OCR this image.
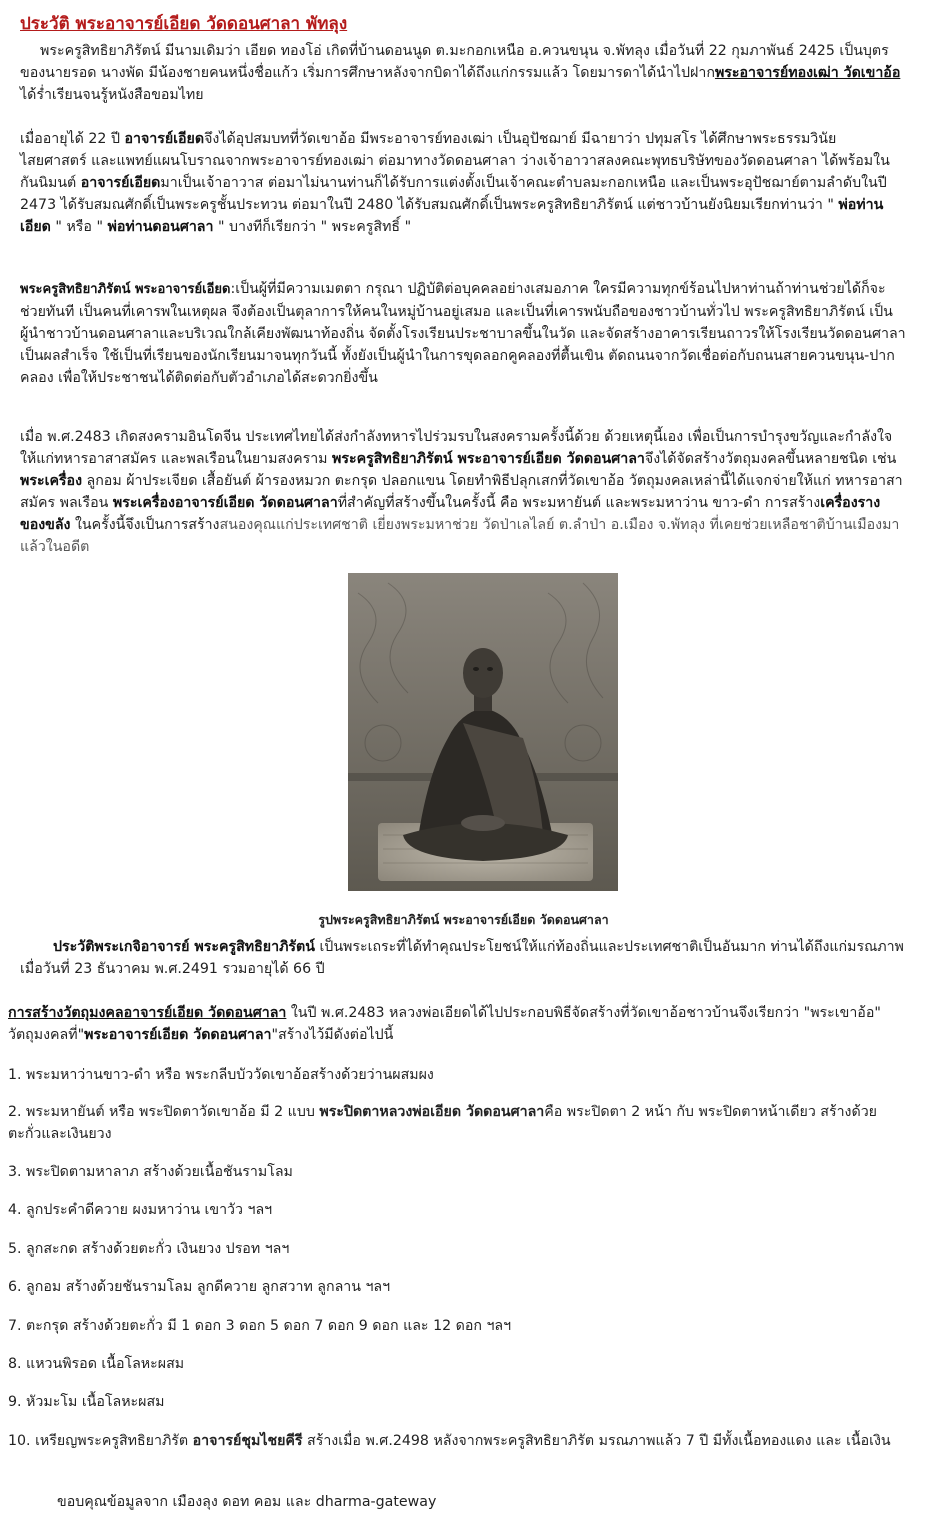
ประวัติ พระอาจารย์เอียด วัดดอนศาลา พัทลุง

พระครูสิทธิยาภิรัตน์ มีนามเดิมว่า เอียด ทองโอ่ เกิดที่บ้านดอนนูด ต.มะกอกเหนือ อ.ควนขนุน จ.พัทลุง เมื่อวันที่ 22 กุมภาพันธ์ 2425 เป็นบุตรของนายรอด นางพัด มีน้องชายคนหนึ่งชื่อแก้ว เริ่มการศึกษาหลังจากบิดาได้ถึงแก่กรรมแล้ว โดยมารดาได้นำไปฝากพระอาจารย์ทองเฒ่า วัดเขาอ้อ ได้ร่ำเรียนจนรู้หนังสือขอมไทย

เมื่ออายุได้ 22 ปี อาจารย์เอียดจึงได้อุปสมบทที่วัดเขาอ้อ มีพระอาจารย์ทองเฒ่า เป็นอุปัชฌาย์ มีฉายาว่า ปทุมสโร ได้ศึกษาพระธรรมวินัย ไสยศาสตร์ และแพทย์แผนโบราณจากพระอาจารย์ทองเฒ่า ต่อมาทางวัดดอนศาลา ว่างเจ้าอาวาสลงคณะพุทธบริษัทของวัดดอนศาลา ได้พร้อมในกันนิมนต์ อาจารย์เอียดมาเป็นเจ้าอาวาส ต่อมาไม่นานท่านก็ได้รับการแต่งตั้งเป็นเจ้าคณะตำบลมะกอกเหนือ และเป็นพระอุปัชฌาย์ตามลำดับในปี 2473 ได้รับสมณศักดิ์เป็นพระครูชั้นประทวน ต่อมาในปี 2480 ได้รับสมณศักดิ์เป็นพระครูสิทธิยาภิรัตน์ แต่ชาวบ้านยังนิยมเรียกท่านว่า " พ่อท่านเอียด " หรือ " พ่อท่านดอนศาลา " บางทีก็เรียกว่า " พระครูสิทธิ์ "

พระครูสิทธิยาภิรัตน์ พระอาจารย์เอียด:เป็นผู้ที่มีความเมตตา กรุณา ปฏิบัติต่อบุคคลอย่างเสมอภาค ใครมีความทุกข์ร้อนไปหาท่านถ้าท่านช่วยได้ก็จะช่วยทันที เป็นคนที่เคารพในเหตุผล จึงต้องเป็นตุลาการให้คนในหมู่บ้านอยู่เสมอ และเป็นที่เคารพนับถือของชาวบ้านทั่วไป พระครูสิทธิยาภิรัตน์ เป็นผู้นำชาวบ้านดอนศาลาและบริเวณใกล้เคียงพัฒนาท้องถิ่น จัดตั้งโรงเรียนประชาบาลขึ้นในวัด และจัดสร้างอาคารเรียนถาวรให้โรงเรียนวัดดอนศาลาเป็นผลสำเร็จ ใช้เป็นที่เรียนของนักเรียนมาจนทุกวันนี้ ทั้งยังเป็นผู้นำในการขุดลอกคูคลองที่ตื้นเขิน ตัดถนนจากวัดเชื่อต่อกับถนนสายควนขนุน-ปากคลอง เพื่อให้ประชาชนได้ติดต่อกับตัวอำเภอได้สะดวกยิ่งขึ้น

เมื่อ พ.ศ.2483 เกิดสงครามอินโดจีน ประเทศไทยได้ส่งกำลังทหารไปร่วมรบในสงครามครั้งนี้ด้วย ด้วยเหตุนี้เอง เพื่อเป็นการบำรุงขวัญและกำลังใจให้แก่ทหารอาสาสมัคร และพลเรือนในยามสงคราม พระครูสิทธิยาภิรัตน์ พระอาจารย์เอียด วัดดอนศาลาจึงได้จัดสร้างวัตถุมงคลขึ้นหลายชนิด เช่น พระเครื่อง ลูกอม ผ้าประเจียด เสื้อยันต์ ผ้ารองหมวก ตะกรุด ปลอกแขน โดยทำพิธีปลุกเสกที่วัดเขาอ้อ วัตถุมงคลเหล่านี้ได้แจกจ่ายให้แก่ ทหารอาสาสมัคร พลเรือน พระเครื่องอาจารย์เอียด วัดดอนศาลาที่สำคัญที่สร้างขึ้นในครั้งนี้ คือ พระมหายันต์ และพระมหาว่าน ขาว-ดำ การสร้างเครื่องรางของขลัง ในครั้งนี้จึงเป็นการสร้างสนองคุณแก่ประเทศชาติ เยี่ยงพระมหาช่วย วัดป่าเลไลย์ ต.ลำป่า อ.เมือง จ.พัทลุง ที่เคยช่วยเหลือชาติบ้านเมืองมาแล้วในอดีต

รูปพระครูสิทธิยาภิรัตน์ พระอาจารย์เอียด วัดดอนศาลา

ประวัติพระเกจิอาจารย์ พระครูสิทธิยาภิรัตน์ เป็นพระเถระที่ได้ทำคุณประโยชน์ให้แก่ท้องถิ่นและประเทศชาติเป็นอันมาก ท่านได้ถึงแก่มรณภาพ เมื่อวันที่ 23 ธันวาคม พ.ศ.2491 รวมอายุได้ 66 ปี

การสร้างวัตถุมงคลอาจารย์เอียด วัดดอนศาลา ในปี พ.ศ.2483 หลวงพ่อเอียดได้ไปประกอบพิธีจัดสร้างที่วัดเขาอ้อชาวบ้านจึงเรียกว่า "พระเขาอ้อ" วัตถุมงคลที่"พระอาจารย์เอียด วัดดอนศาลา"สร้างไว้มีดังต่อไปนี้

1. พระมหาว่านขาว-ดำ หรือ พระกลีบบัววัดเขาอ้อสร้างด้วยว่านผสมผง

2. พระมหายันต์ หรือ พระปิดตาวัดเขาอ้อ มี 2 แบบ พระปิดตาหลวงพ่อเอียด วัดดอนศาลาคือ พระปิดตา 2 หน้า กับ พระปิดตาหน้าเดียว สร้างด้วยตะกั่วและเงินยวง

3. พระปิดตามหาลาภ สร้างด้วยเนื้อชันรามโลม

4. ลูกประคำดีควาย ผงมหาว่าน เขาวัว ฯลฯ

5. ลูกสะกด สร้างด้วยตะกั่ว เงินยวง ปรอท ฯลฯ

6. ลูกอม สร้างด้วยชันรามโลม ลูกดีควาย ลูกสวาท ลูกลาน ฯลฯ

7. ตะกรุด สร้างด้วยตะกั่ว มี 1 ดอก 3 ดอก 5 ดอก 7 ดอก 9 ดอก และ 12 ดอก ฯลฯ

8. แหวนพิรอด เนื้อโลหะผสม

9. หัวมะโม เนื้อโลหะผสม

10. เหรียญพระครูสิทธิยาภิรัต อาจารย์ชุมไชยคีรี สร้างเมื่อ พ.ศ.2498 หลังจากพระครูสิทธิยาภิรัต มรณภาพแล้ว 7 ปี มีทั้งเนื้อทองแดง และ เนื้อเงิน

ขอบคุณข้อมูลจาก เมืองลุง ดอท คอม และ dharma-gateway
